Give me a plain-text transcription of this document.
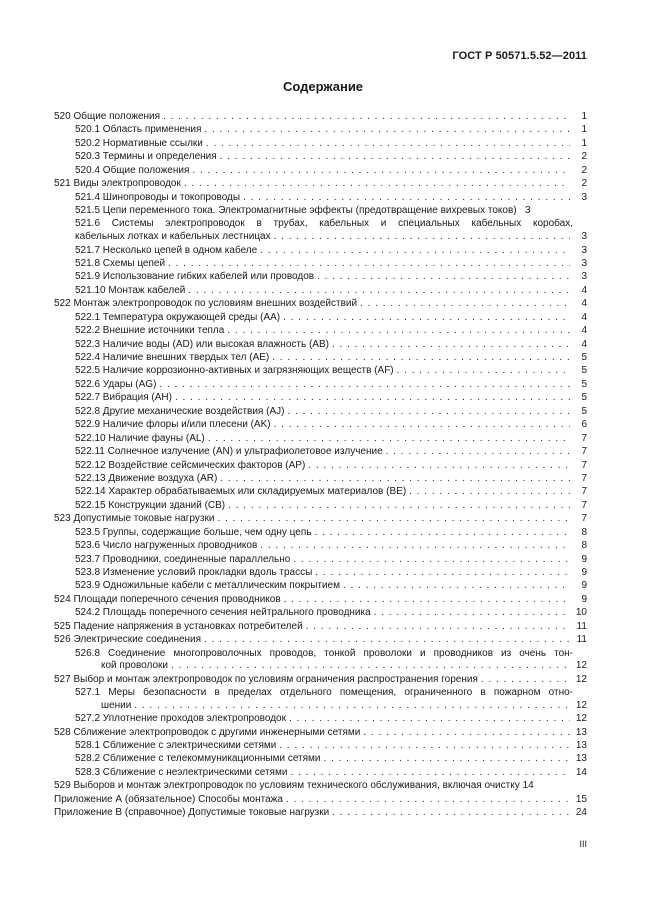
ГОСТ Р 50571.5.52—2011
Содержание
520 Общие положения . . .	1
520.1 Область применения . . .	1
520.2 Нормативные ссылки . . .	1
520.3 Термины и определения . . .	2
520.4 Общие положения . . .	2
521 Виды электропроводок . . .	2
521.4 Шинопроводы и токопроводы . . .	3
521.5 Цепи переменного тока. Электромагнитные эффекты (предотвращение вихревых токов) 3
521.6 Системы электропроводок в трубах, кабельных и специальных кабельных коробах,
кабельных лотках и кабельных лестницах . . .	3
521.7 Несколько цепей в одном кабеле . . .	3
521.8 Схемы цепей . . .	3
521.9 Использование гибких кабелей или проводов . . .	3
521.10 Монтаж кабелей . . .	4
522 Монтаж электропроводок по условиям внешних воздействий . . .	4
522.1 Температура окружающей среды (AA) . . .	4
522.2 Внешние источники тепла . . .	4
522.3 Наличие воды (AD) или высокая влажность (AB) . . .	4
522.4 Наличие внешних твердых тел (AE) . . .	5
522.5 Наличие коррозионно-активных и загрязняющих веществ (AF) . . .	5
522.6 Удары (AG) . . .	5
522.7 Вибрация (AH) . . .	5
522.8 Другие механические воздействия (AJ) . . .	5
522.9 Наличие флоры и/или плесени (AK) . . .	6
522.10 Наличие фауны (AL) . . .	7
522.11 Солнечное излучение (AN) и ультрафиолетовое излучение . . .	7
522.12 Воздействие сейсмических факторов (AP) . . .	7
522.13 Движение воздуха (AR) . . .	7
522.14 Характер обрабатываемых или складируемых материалов (BE) . . .	7
522.15 Конструкции зданий (CB) . . .	7
523 Допустимые токовые нагрузки . . .	7
523.5 Группы, содержащие больше, чем одну цепь . . .	8
523.6 Число нагруженных проводников . . .	8
523.7 Проводники, соединенные параллельно . . .	9
523.8 Изменение условий прокладки вдоль трассы . . .	9
523.9 Одножильные кабели с металлическим покрытием . . .	9
524 Площади поперечного сечения проводников . . .	9
524.2 Площадь поперечного сечения нейтрального проводника . . .	10
525 Падение напряжения в установках потребителей . . .	11
526 Электрические соединения . . .	11
526.8 Соединение многопроволочных проводов, тонкой проволоки и проводников из очень тон-
кой проволоки . . .	12
527 Выбор и монтаж электропроводок по условиям ограничения распространения горения . . .	12
527.1 Меры безопасности в пределах отдельного помещения, ограниченного в пожарном отно-
шении . . .	12
527.2 Уплотнение проходов электропроводок . . .	12
528 Сближение электропроводок с другими инженерными сетями . . .	13
528.1 Сближение с электрическими сетями . . .	13
528.2 Сближение с телекоммуникационными сетями . . .	13
528.3 Сближение с неэлектрическими сетями . . .	14
529 Выборов и монтаж электропроводок по условиям технического обслуживания, включая очистку 14
Приложение А (обязательное) Способы монтажа . . .	15
Приложение В (справочное) Допустимые токовые нагрузки . . .	24
III
